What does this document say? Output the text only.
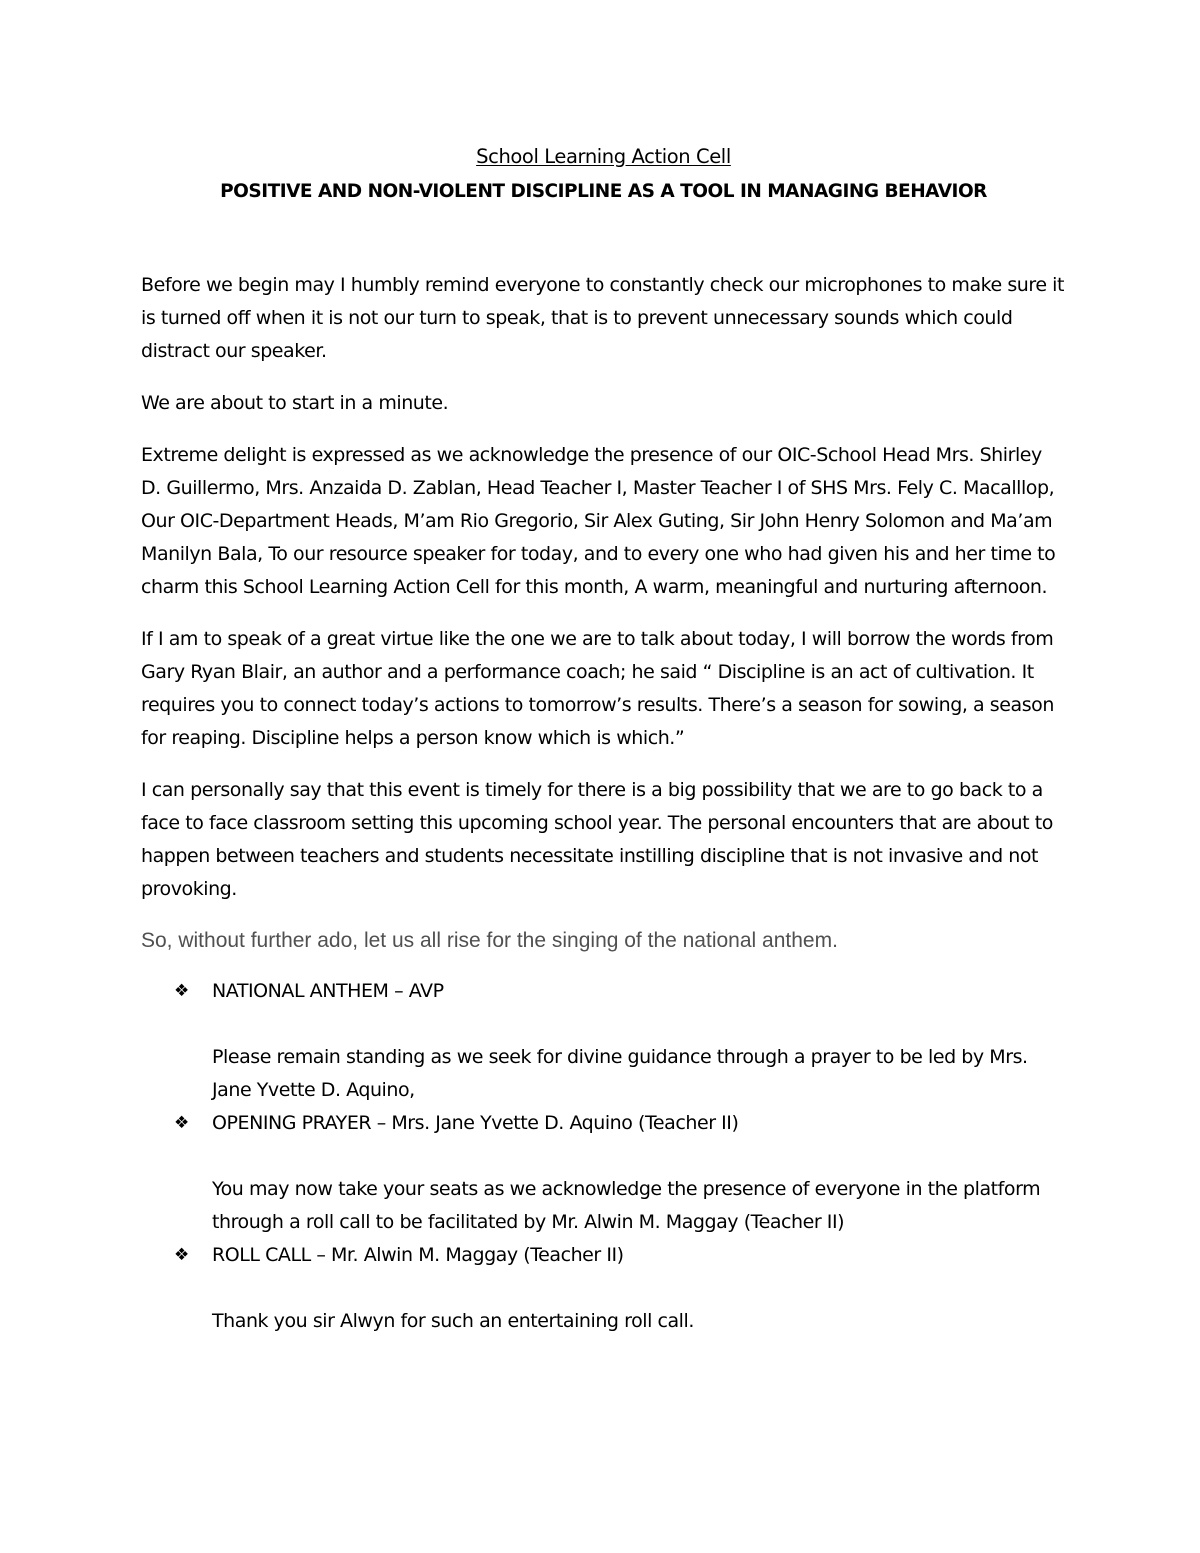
School Learning Action Cell
POSITIVE AND NON-VIOLENT DISCIPLINE AS A TOOL IN MANAGING BEHAVIOR

Before we begin may I humbly remind everyone to constantly check our microphones to make sure it is turned off when it is not our turn to speak, that is to prevent unnecessary sounds which could distract our speaker.

We are about to start in a minute.

Extreme delight is expressed as we acknowledge the presence of our OIC-School Head Mrs. Shirley D. Guillermo, Mrs. Anzaida D. Zablan, Head Teacher I, Master Teacher I of SHS Mrs. Fely C. Macalllop, Our OIC-Department Heads, M’am Rio Gregorio, Sir Alex Guting, Sir John Henry Solomon and Ma’am Manilyn Bala, To our resource speaker for today, and to every one who had given his and her time to charm this School Learning Action Cell for this month, A warm, meaningful and nurturing afternoon.

If I am to speak of a great virtue like the one we are to talk about today, I will borrow the words from Gary Ryan Blair, an author and a performance coach; he said “ Discipline is an act of cultivation. It requires you to connect today’s actions to tomorrow’s results. There’s a season for sowing, a season for reaping. Discipline helps a person know which is which.”

I can personally say that this event is timely for there is a big possibility that we are to go back to a face to face classroom setting this upcoming school year. The personal encounters that are about to happen between teachers and students necessitate instilling discipline that is not invasive and not provoking.

So, without further ado, let us all rise for the singing of the national anthem.

❖ NATIONAL ANTHEM – AVP

Please remain standing as we seek for divine guidance through a prayer to be led by Mrs. Jane Yvette D. Aquino,

❖ OPENING PRAYER – Mrs. Jane Yvette D. Aquino (Teacher II)

You may now take your seats as we acknowledge the presence of everyone in the platform through a roll call to be facilitated by Mr. Alwin M. Maggay (Teacher II)

❖ ROLL CALL – Mr. Alwin M. Maggay (Teacher II)

Thank you sir Alwyn for such an entertaining roll call.
